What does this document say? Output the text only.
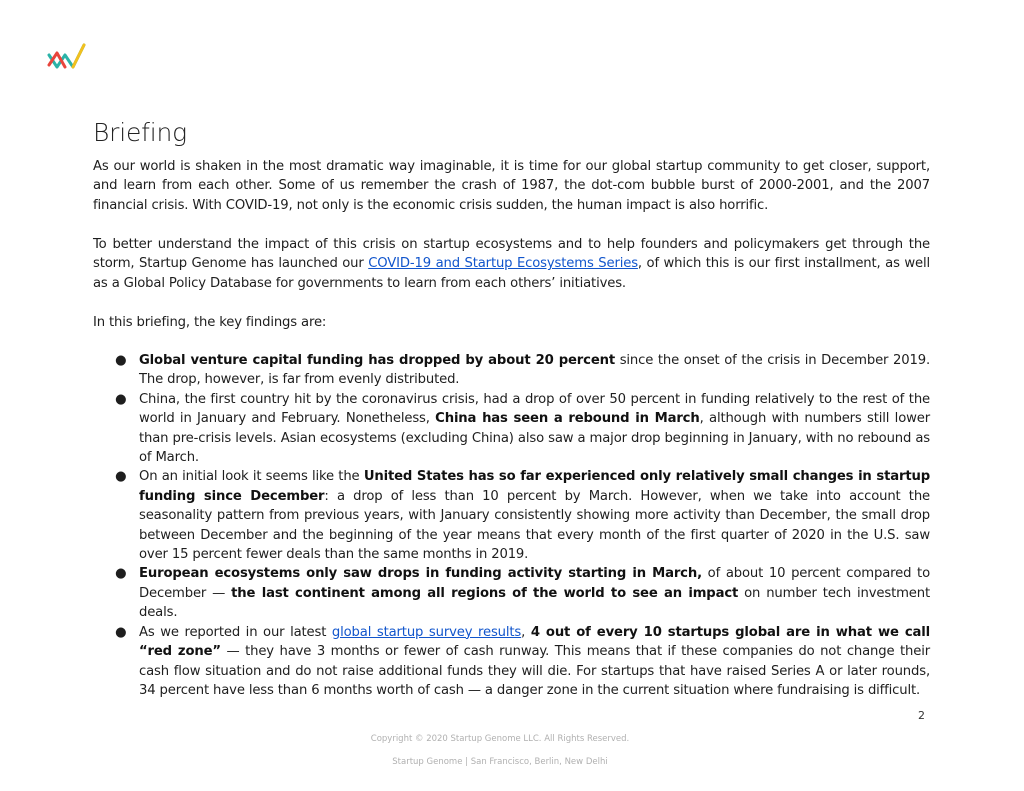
Briefing

As our world is shaken in the most dramatic way imaginable, it is time for our global startup community to get closer, support, and learn from each other. Some of us remember the crash of 1987, the dot-com bubble burst of 2000-2001, and the 2007 financial crisis. With COVID-19, not only is the economic crisis sudden, the human impact is also horrific.

To better understand the impact of this crisis on startup ecosystems and to help founders and policymakers get through the storm, Startup Genome has launched our COVID-19 and Startup Ecosystems Series, of which this is our first installment, as well as a Global Policy Database for governments to learn from each others’ initiatives.

In this briefing, the key findings are:

● Global venture capital funding has dropped by about 20 percent since the onset of the crisis in December 2019. The drop, however, is far from evenly distributed.
● China, the first country hit by the coronavirus crisis, had a drop of over 50 percent in funding relatively to the rest of the world in January and February. Nonetheless, China has seen a rebound in March, although with numbers still lower than pre-crisis levels. Asian ecosystems (excluding China) also saw a major drop beginning in January, with no rebound as of March.
● On an initial look it seems like the United States has so far experienced only relatively small changes in startup funding since December: a drop of less than 10 percent by March. However, when we take into account the seasonality pattern from previous years, with January consistently showing more activity than December, the small drop between December and the beginning of the year means that every month of the first quarter of 2020 in the U.S. saw over 15 percent fewer deals than the same months in 2019.
● European ecosystems only saw drops in funding activity starting in March, of about 10 percent compared to December — the last continent among all regions of the world to see an impact on number tech investment deals.
● As we reported in our latest global startup survey results, 4 out of every 10 startups global are in what we call “red zone” — they have 3 months or fewer of cash runway. This means that if these companies do not change their cash flow situation and do not raise additional funds they will die. For startups that have raised Series A or later rounds, 34 percent have less than 6 months worth of cash — a danger zone in the current situation where fundraising is difficult.
2
Copyright © 2020 Startup Genome LLC. All Rights Reserved.
Startup Genome | San Francisco, Berlin, New Delhi
